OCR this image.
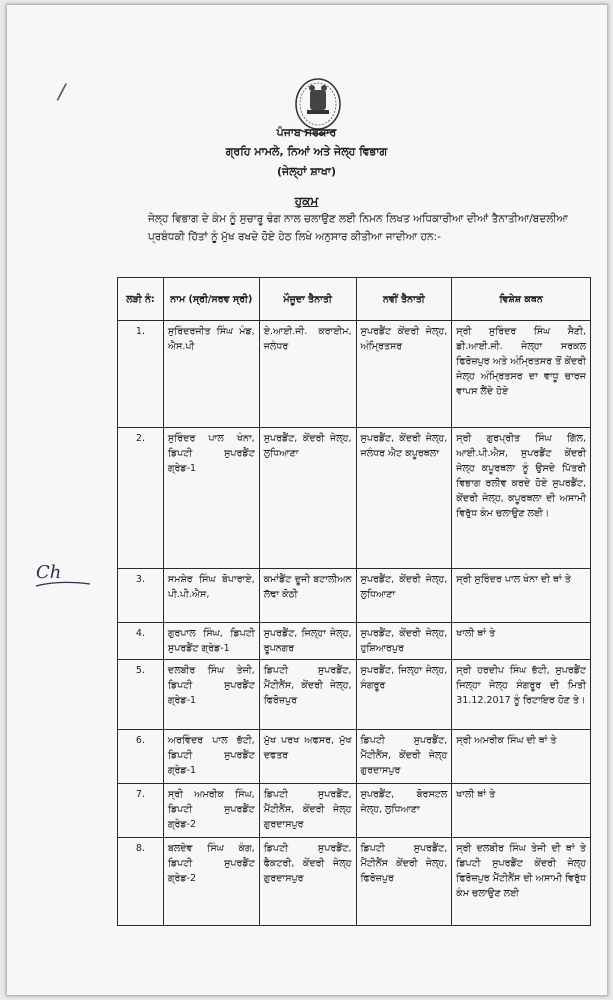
/
Ch
ਪੰਜਾਬ ਸਰਕਾਰ
ਗ੍ਰਹਿ ਮਾਮਲੇ, ਨਿਆਂ ਅਤੇ ਜੇਲ੍ਹ ਵਿਭਾਗ
(ਜੇਲ੍ਹਾਂ ਸ਼ਾਖਾ)
ਹੁਕਮ
ਜੇਲ੍ਹ ਵਿਭਾਗ ਦੇ ਕੰਮ ਨੂੰ ਸੁਚਾਰੂ ਢੰਗ ਨਾਲ ਚਲਾਉਣ ਲਈ ਨਿਮਨ ਲਿਖਤ ਅਧਿਕਾਰੀਆ ਦੀਆਂ ਤੈਨਾਤੀਆ/ਬਦਲੀਆ ਪ੍ਰਬੰਧਕੀ ਹਿੱਤਾਂ ਨੂੰ ਮੁੱਖ ਰਖਦੇ ਹੋਏ ਹੇਠ ਲਿਖੇ ਅਨੁਸਾਰ ਕੀਤੀਆ ਜਾਦੀਆ ਹਨ:-
ਲੜੀ ਨੰ:	ਨਾਮ (ਸ੍ਰੀ/ਸਰਵ ਸ੍ਰੀ)	ਮੌਜੂਦਾ ਤੈਨਾਤੀ	ਨਵੀਂ ਤੈਨਾਤੀ	ਵਿਸ਼ੇਸ਼ ਕਥਨ
1.	ਸੁਰਿੰਦਰਜੀਤ ਸਿੰਘ ਮੰਡ, ਐਸ.ਪੀ	ਏ.ਆਈ.ਜੀ. ਕਰਾਈਮ, ਜਲੰਧਰ	ਸੁਪਰਡੈਂਟ ਕੇਂਦਰੀ ਜੇਲ੍ਹ, ਅੰਮ੍ਰਿਤਸਰ	ਸ੍ਰੀ ਸੁਰਿੰਦਰ ਸਿੰਘ ਸੈਣੀ, ਡੀ.ਆਈ.ਜੀ. ਜੇਲ੍ਹਾ ਸਰਕਲ ਫਿਰੋਜ਼ਪੁਰ ਅਤੇ ਅੰਮ੍ਰਿਤਸਰ ਤੋਂ ਕੇਂਦਰੀ ਜੇਲ੍ਹ ਅੰਮ੍ਰਿਤਸਰ ਦਾ ਵਾਧੂ ਚਾਰਜ ਵਾਪਸ ਲੈਂਦੇ ਹੋਏ
2.	ਸੁਰਿੰਦਰ ਪਾਲ ਖੰਨਾ, ਡਿਪਟੀ ਸੁਪਰਡੈਂਟ ਗ੍ਰੇਡ-1	ਸੁਪਰਡੈਂਟ, ਕੇਂਦਰੀ ਜੇਲ੍ਹ, ਲੁਧਿਆਣਾ	ਸੁਪਰਡੈਂਟ, ਕੇਂਦਰੀ ਜੇਲ੍ਹ, ਜਲੰਧਰ ਐਟ ਕਪੂਰਥਲਾ	ਸ੍ਰੀ ਗੁਰਪ੍ਰੀਤ ਸਿੰਘ ਗਿੱਲ, ਆਈ.ਪੀ.ਐਸ, ਸੁਪਰਡੈਂਟ ਕੇਂਦਰੀ ਜੇਲ੍ਹ ਕਪੂਰਥਲਾ ਨੂੰ ਉਸਦੇ ਪਿੱਤਰੀ ਵਿਭਾਗ ਰਲੀਵ ਕਰਦੇ ਹੋਏ ਸੁਪਰਡੈਂਟ, ਕੇਂਦਰੀ ਜੇਲ੍ਹ, ਕਪੂਰਥਲਾ ਦੀ ਅਸਾਮੀ ਵਿਰੁੱਧ ਕੰਮ ਚਲਾਉਣ ਲਈ।
3.	ਸਮਸ਼ੇਰ ਸਿੰਘ ਬੋਪਾਰਾਏ, ਪੀ.ਪੀ.ਐਸ,	ਕਮਾਂਡੈਂਟ ਦੂਜੀ ਬਟਾਲੀਅਨ ਲੱਢਾ ਕੋਠੀ	ਸੁਪਰਡੈਂਟ, ਕੇਂਦਰੀ ਜੇਲ੍ਹ, ਲੁਧਿਆਣਾ	ਸ੍ਰੀ ਸੁਰਿੰਦਰ ਪਾਲ ਖੰਨਾ ਦੀ ਥਾਂ ਤੇ
4.	ਗੁਰਪਾਲ ਸਿੰਘ, ਡਿਪਟੀ ਸੁਪਰਡੈਂਟ ਗ੍ਰੇਡ-1	ਸੁਪਰਡੈਂਟ, ਜਿਲ੍ਹਾ ਜੇਲ੍ਹ, ਰੂਪਨਗਰ	ਸੁਪਰਡੈਂਟ, ਕੇਂਦਰੀ ਜੇਲ੍ਹ, ਹੁਸ਼ਿਆਰਪੁਰ	ਖਾਲੀ ਥਾਂ ਤੇ
5.	ਦਲਬੀਰ ਸਿੰਘ ਤੇਜੀ, ਡਿਪਟੀ ਸੁਪਰਡੈਂਟ ਗ੍ਰੇਡ-1	ਡਿਪਟੀ ਸੁਪਰਡੈਂਟ, ਮੈਂਟੀਨੈਂਸ, ਕੇਂਦਰੀ ਜੇਲ੍ਹ, ਫਿਰੋਜ਼ਪੁਰ	ਸੁਪਰਡੈਂਟ, ਜਿਲ੍ਹਾ ਜੇਲ੍ਹ, ਸੰਗਰੂਰ	ਸ੍ਰੀ ਹਰਦੀਪ ਸਿੰਘ ਭੱਟੀ, ਸੁਪਰਡੈਂਟ ਜਿਲ੍ਹਾ ਜੇਲ੍ਹ ਸੰਗਰੂਰ ਦੀ ਮਿਤੀ 31.12.2017 ਨੂੰ ਰਿਟਾਇਰ ਹੋਣ ਤੇ।
6.	ਅਰਵਿੰਦਰ ਪਾਲ ਭੱਟੀ, ਡਿਪਟੀ ਸੁਪਰਡੈਂਟ ਗ੍ਰੇਡ-1	ਮੁੱਖ ਪਰਖ ਅਫਸਰ, ਮੁੱਖ ਦਫਤਰ	ਡਿਪਟੀ ਸੁਪਰਡੈਂਟ, ਮੈਂਟੀਨੈਂਸ, ਕੇਂਦਰੀ ਜੇਲ੍ਹ ਗੁਰਦਾਸਪੁਰ	ਸ੍ਰੀ ਅਮਰੀਕ ਸਿੰਘ ਦੀ ਥਾਂ ਤੇ
7.	ਸ੍ਰੀ ਅਮਰੀਕ ਸਿੰਘ, ਡਿਪਟੀ ਸੁਪਰਡੈਂਟ ਗ੍ਰੇਡ-2	ਡਿਪਟੀ ਸੁਪਰਡੈਂਟ, ਮੈਂਟੀਨੈਂਸ, ਕੇਂਦਰੀ ਜੇਲ੍ਹ ਗੁਰਦਾਸਪੁਰ	ਸੁਪਰਡੈਂਟ, ਬੋਰਸਟਲ ਜੇਲ੍ਹ, ਲੁਧਿਆਣਾ	ਖਾਲੀ ਥਾਂ ਤੇ
8.	ਬਲਦੇਵ ਸਿੰਘ ਕੰਗ, ਡਿਪਟੀ ਸੁਪਰਡੈਂਟ ਗ੍ਰੇਡ-2	ਡਿਪਟੀ ਸੁਪਰਡੈਂਟ, ਫੈਕਟਰੀ, ਕੇਂਦਰੀ ਜੇਲ੍ਹ ਗੁਰਦਾਸਪੁਰ	ਡਿਪਟੀ ਸੁਪਰਡੈਂਟ, ਮੈਂਟੀਨੈਂਸ ਕੇਂਦਰੀ ਜੇਲ੍ਹ, ਫਿਰੋਜ਼ਪੁਰ	ਸ੍ਰੀ ਦਲਬੀਰ ਸਿੰਘ ਤੇਜੀ ਦੀ ਥਾਂ ਤੇ ਡਿਪਟੀ ਸੁਪਰਡੈਂਟ ਕੇਂਦਰੀ ਜੇਲ੍ਹ ਫਿਰੋਜ਼ਪੁਰ ਮੈਂਟੀਨੈਂਸ ਦੀ ਅਸਾਮੀ ਵਿਰੁੱਧ ਕੰਮ ਚਲਾਉਣ ਲਈ
